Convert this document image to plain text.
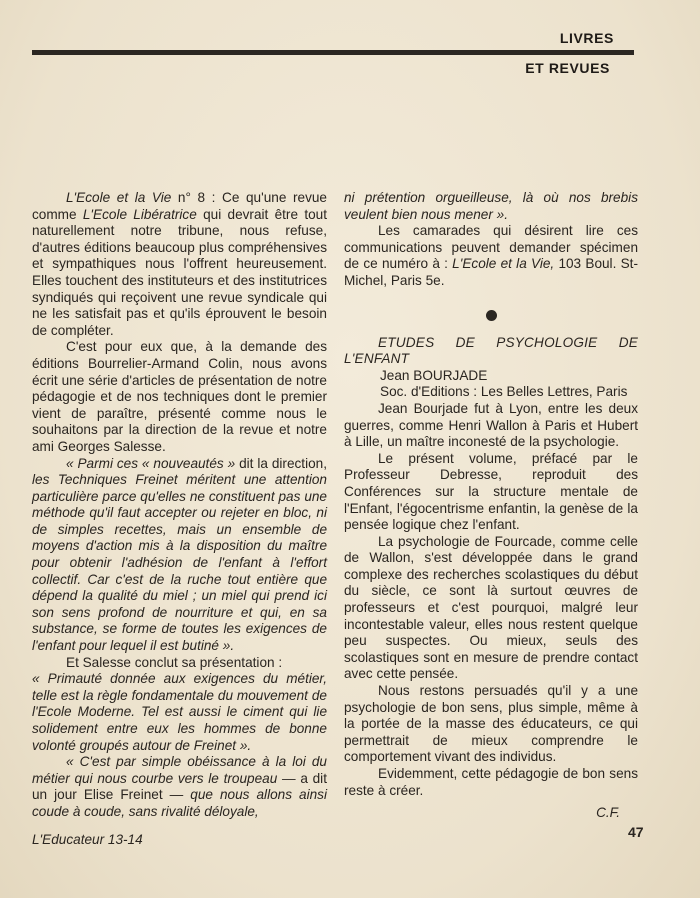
LIVRES
ET REVUES

L'Ecole et la Vie n° 8 : Ce qu'une revue comme L'Ecole Libératrice qui devrait être tout naturellement notre tribune, nous refuse, d'autres éditions beaucoup plus compréhensives et sympathiques nous l'offrent heureusement. Elles touchent des instituteurs et des institutrices syndiqués qui reçoivent une revue syndicale qui ne les satisfait pas et qu'ils éprouvent le besoin de compléter.

C'est pour eux que, à la demande des éditions Bourrelier-Armand Colin, nous avons écrit une série d'articles de présentation de notre pédagogie et de nos techniques dont le premier vient de paraître, présenté comme nous le souhaitons par la direction de la revue et notre ami Georges Salesse.

« Parmi ces « nouveautés » dit la direction, les Techniques Freinet méritent une attention particulière parce qu'elles ne constituent pas une méthode qu'il faut accepter ou rejeter en bloc, ni de simples recettes, mais un ensemble de moyens d'action mis à la disposition du maître pour obtenir l'adhésion de l'enfant à l'effort collectif. Car c'est de la ruche tout entière que dépend la qualité du miel ; un miel qui prend ici son sens profond de nourriture et qui, en sa substance, se forme de toutes les exigences de l'enfant pour lequel il est butiné ».

Et Salesse conclut sa présentation :

« Primauté donnée aux exigences du métier, telle est la règle fondamentale du mouvement de l'Ecole Moderne. Tel est aussi le ciment qui lie solidement entre eux les hommes de bonne volonté groupés autour de Freinet ».

« C'est par simple obéissance à la loi du métier qui nous courbe vers le troupeau — a dit un jour Elise Freinet — que nous allons ainsi coude à coude, sans rivalité déloyale,

ni prétention orgueilleuse, là où nos brebis veulent bien nous mener ».

Les camarades qui désirent lire ces communications peuvent demander spécimen de ce numéro à : L'Ecole et la Vie, 103 Boul. St-Michel, Paris 5e.

ETUDES DE PSYCHOLOGIE DE L'ENFANT

Jean BOURJADE

Soc. d'Editions : Les Belles Lettres, Paris

Jean Bourjade fut à Lyon, entre les deux guerres, comme Henri Wallon à Paris et Hubert à Lille, un maître inconesté de la psychologie.

Le présent volume, préfacé par le Professeur Debresse, reproduit des Conférences sur la structure mentale de l'Enfant, l'égocentrisme enfantin, la genèse de la pensée logique chez l'enfant.

La psychologie de Fourcade, comme celle de Wallon, s'est développée dans le grand complexe des recherches scolastiques du début du siècle, ce sont là surtout œuvres de professeurs et c'est pourquoi, malgré leur incontestable valeur, elles nous restent quelque peu suspectes. Ou mieux, seuls des scolastiques sont en mesure de prendre contact avec cette pensée.

Nous restons persuadés qu'il y a une psychologie de bon sens, plus simple, même à la portée de la masse des éducateurs, ce qui permettrait de mieux comprendre le comportement vivant des individus.

Evidemment, cette pédagogie de bon sens reste à créer.

C.F.

L'Educateur 13-14	47
